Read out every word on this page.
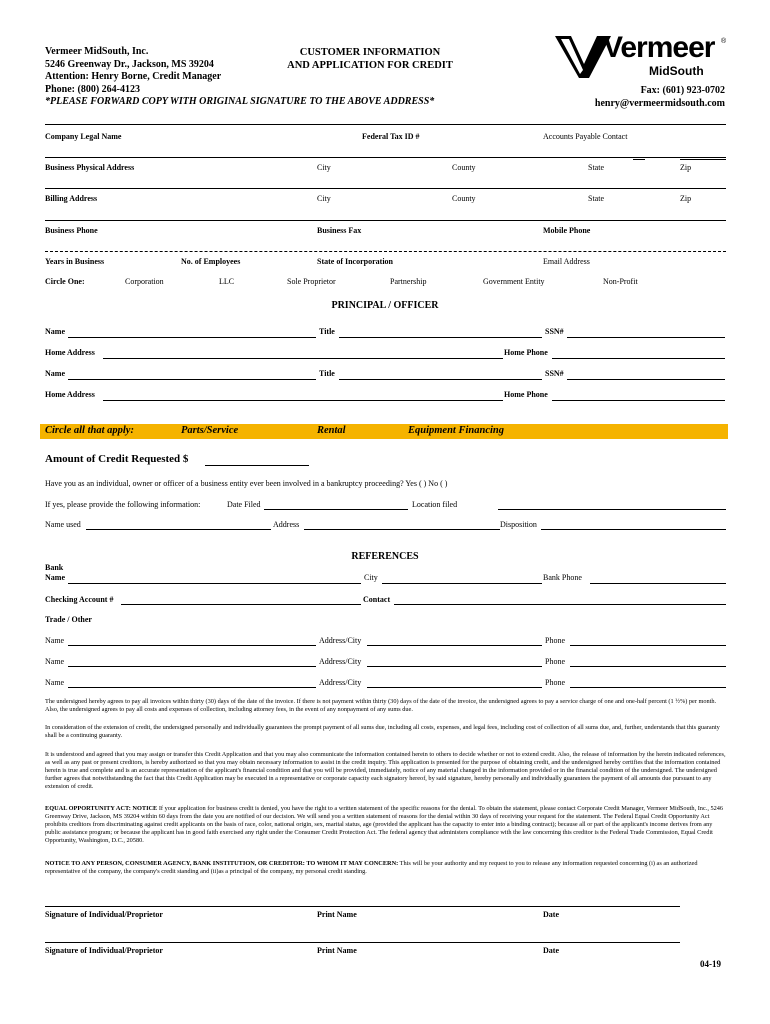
Vermeer MidSouth, Inc.
5246 Greenway Dr., Jackson, MS 39204
Attention: Henry Borne, Credit Manager
Phone: (800) 264-4123
*PLEASE FORWARD COPY WITH ORIGINAL SIGNATURE TO THE ABOVE ADDRESS*
CUSTOMER INFORMATION
AND APPLICATION FOR CREDIT
Vermeer ®
MidSouth
Fax: (601) 923-0702
henry@vermeermidsouth.com
Company Legal Name	Federal Tax ID #	Accounts Payable Contact
Business Physical Address	City	County	State	Zip
Billing Address	City	County	State	Zip
Business Phone	Business Fax	Mobile Phone
Years in Business	No. of Employees	State of Incorporation	Email Address
Circle One:	Corporation	LLC	Sole Proprietor	Partnership	Government Entity	Non-Profit
PRINCIPAL / OFFICER
Name	Title	SSN#
Home Address	Home Phone
Name	Title	SSN#
Home Address	Home Phone
Circle all that apply:	Parts/Service	Rental	Equipment Financing
Amount of Credit Requested $
Have you as an individual, owner or officer of a business entity ever been involved in a bankruptcy proceeding? Yes ( ) No ( )
If yes, please provide the following information:	Date Filed	Location filed
Name used	Address	Disposition
REFERENCES
Bank
Name	City	Bank Phone
Checking Account #	Contact
Trade / Other
Name	Address/City	Phone
Name	Address/City	Phone
Name	Address/City	Phone
The undersigned hereby agrees to pay all invoices within thirty (30) days of the date of the invoice. If there is not payment within thirty (30) days of the date of the invoice, the undersigned agrees to pay a service charge of one and one-half percent (1 ½%) per month. Also, the undersigned agrees to pay all costs and expenses of collection, including attorney fees, in the event of any nonpayment of any sums due.
In consideration of the extension of credit, the undersigned personally and individually guarantees the prompt payment of all sums due, including all costs, expenses, and legal fees, including cost of collection of all sums due, and, further, understands that this guaranty shall be a continuing guaranty.
It is understood and agreed that you may assign or transfer this Credit Application and that you may also communicate the information contained herein to others to decide whether or not to extend credit. Also, the release of information by the herein indicated references, as well as any past or present creditors, is hereby authorized so that you may obtain necessary information to assist in the credit inquiry. This application is presented for the purpose of obtaining credit, and the undersigned hereby certifies that the information contained herein is true and complete and is an accurate representation of the applicant's financial condition and that you will be provided, immediately, notice of any material changed in the information provided or in the financial condition of the undersigned. The undersigned further agrees that notwithstanding the fact that this Credit Application may be executed in a representative or corporate capacity each signatory hereof, by said signature, hereby personally and individually guarantees the payment of all amounts due pursuant to any extension of credit.
EQUAL OPPORTUNITY ACT: NOTICE If your application for business credit is denied, you have the right to a written statement of the specific reasons for the denial. To obtain the statement, please contact Corporate Credit Manager, Vermeer MidSouth, Inc., 5246 Greenway Drive, Jackson, MS 39204 within 60 days from the date you are notified of our decision. We will send you a written statement of reasons for the denial within 30 days of receiving your request for the statement. The Federal Equal Credit Opportunity Act prohibits creditors from discriminating against credit applicants on the basis of race, color, national origin, sex, marital status, age (provided the applicant has the capacity to enter into a binding contract); because all or part of the applicant's income derives from any public assistance program; or because the applicant has in good faith exercised any right under the Consumer Credit Protection Act. The federal agency that administers compliance with the law concerning this creditor is the Federal Trade Commission, Equal Credit Opportunity, Washington, D.C., 20580.
NOTICE TO ANY PERSON, CONSUMER AGENCY, BANK INSTITUTION, OR CREDITOR: TO WHOM IT MAY CONCERN: This will be your authority and my request to you to release any information requested concerning (i) as an authorized representative of the company, the company's credit standing and (ii)as a principal of the company, my personal credit standing.
Signature of Individual/Proprietor	Print Name	Date
Signature of Individual/Proprietor	Print Name	Date
04-19
